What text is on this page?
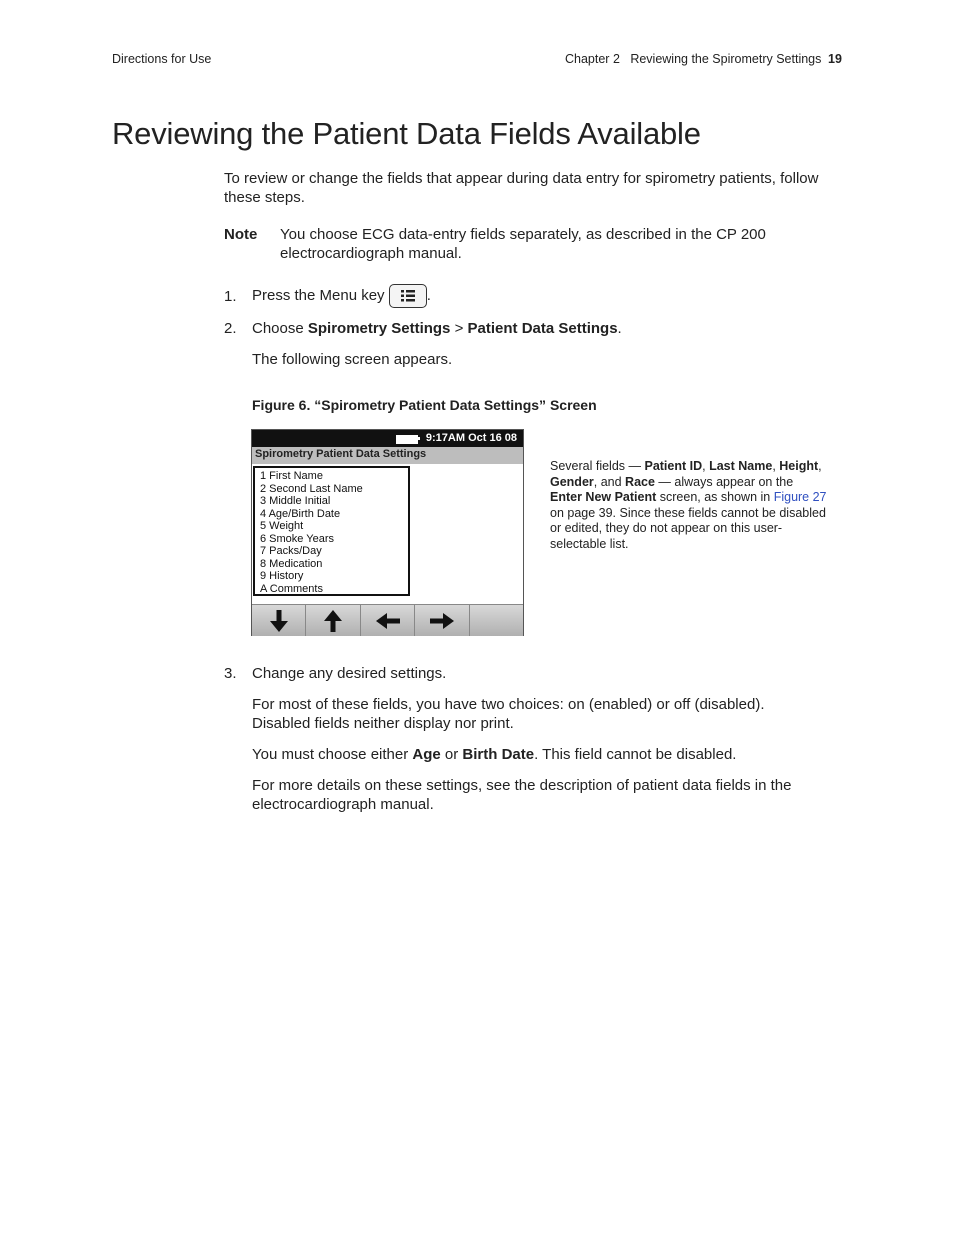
Directions for Use	Chapter 2   Reviewing the Spirometry Settings 19
Reviewing the Patient Data Fields Available
To review or change the fields that appear during data entry for spirometry patients, follow these steps.
Note You choose ECG data-entry fields separately, as described in the CP 200 electrocardiograph manual.
1. Press the Menu key	.
2. Choose Spirometry Settings > Patient Data Settings.
The following screen appears.
Figure 6. “Spirometry Patient Data Settings” Screen
9:17AM Oct 16 08
Spirometry Patient Data Settings
1 First Name
2 Second Last Name
3 Middle Initial
4 Age/Birth Date
5 Weight
6 Smoke Years
7 Packs/Day
8 Medication
9 History
A Comments
Several fields — Patient ID, Last Name, Height,
Gender, and Race — always appear on the
Enter New Patient screen, as shown in Figure 27 on page 39. Since these fields cannot be disabled or edited, they do not appear on this user-selectable list.
3. Change any desired settings.
For most of these fields, you have two choices: on (enabled) or off (disabled). Disabled fields neither display nor print.
You must choose either Age or Birth Date. This field cannot be disabled.
For more details on these settings, see the description of patient data fields in the electrocardiograph manual.
